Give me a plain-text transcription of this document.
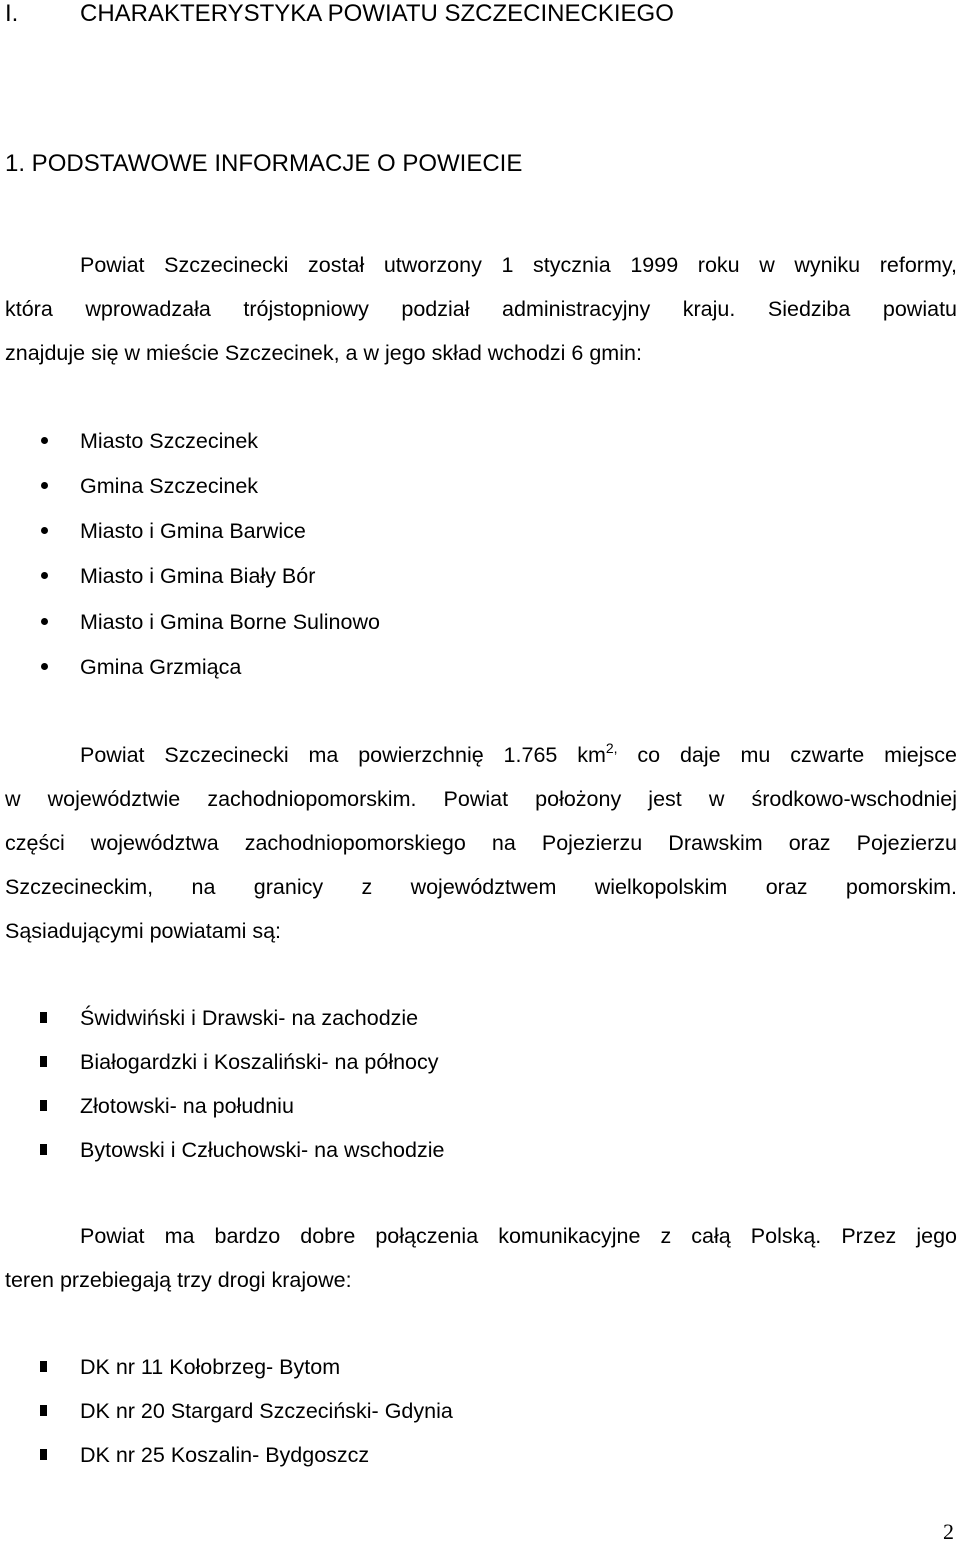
I.	CHARAKTERYSTYKA POWIATU SZCZECINECKIEGO
1. PODSTAWOWE INFORMACJE O POWIECIE
Powiat Szczecinecki został utworzony 1 stycznia 1999 roku w wyniku reformy,
która wprowadzała trójstopniowy podział administracyjny kraju. Siedziba powiatu
znajduje się w mieście Szczecinek, a w jego skład wchodzi 6 gmin:
Miasto Szczecinek
Gmina Szczecinek
Miasto i Gmina Barwice
Miasto i Gmina Biały Bór
Miasto i Gmina Borne Sulinowo
Gmina Grzmiąca
Powiat Szczecinecki ma powierzchnię 1.765 $km^{2,}$ co daje mu czwarte miejsce
w województwie zachodniopomorskim. Powiat położony jest w środkowo-wschodniej
części województwa zachodniopomorskiego na Pojezierzu Drawskim oraz Pojezierzu
Szczecineckim, na granicy z województwem wielkopolskim oraz pomorskim.
Sąsiadującymi powiatami są:
Świdwiński i Drawski- na zachodzie
Białogardzki i Koszaliński- na północy
Złotowski- na południu
Bytowski i Człuchowski- na wschodzie
Powiat ma bardzo dobre połączenia komunikacyjne z całą Polską. Przez jego
teren przebiegają trzy drogi krajowe:
DK nr 11 Kołobrzeg- Bytom
DK nr 20 Stargard Szczeciński- Gdynia
DK nr 25 Koszalin- Bydgoszcz
2
